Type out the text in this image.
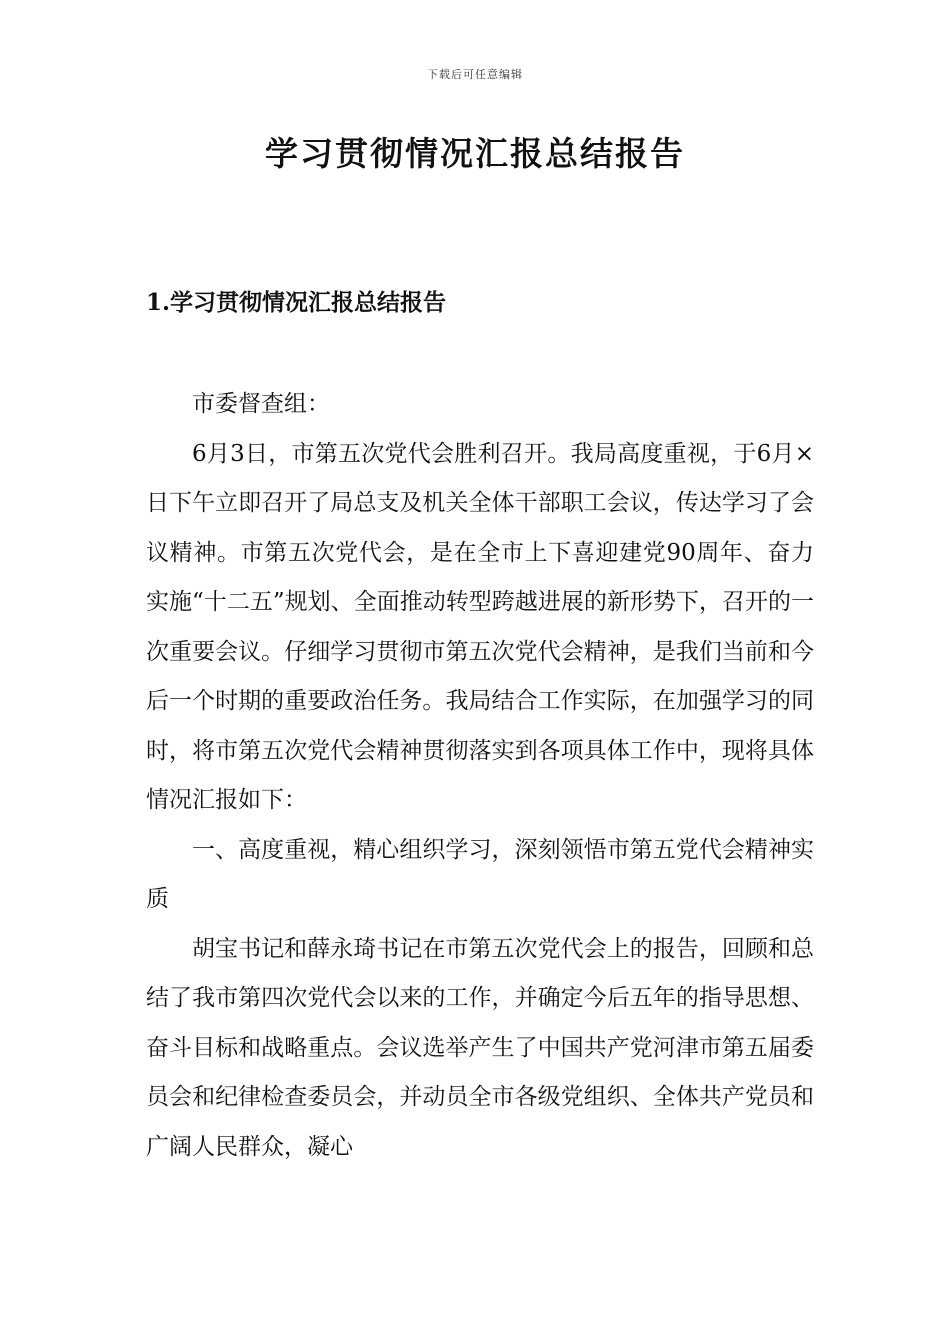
下载后可任意编辑
学习贯彻情况汇报总结报告
1.学习贯彻情况汇报总结报告

市委督查组：

6月3日，市第五次党代会胜利召开。我局高度重视，于6月×日下午立即召开了局总支及机关全体干部职工会议，传达学习了会议精神。市第五次党代会，是在全市上下喜迎建党90周年、奋力实施“十二五”规划、全面推动转型跨越进展的新形势下，召开的一次重要会议。仔细学习贯彻市第五次党代会精神，是我们当前和今后一个时期的重要政治任务。我局结合工作实际，在加强学习的同时，将市第五次党代会精神贯彻落实到各项具体工作中，现将具体情况汇报如下：

一、高度重视，精心组织学习，深刻领悟市第五党代会精神实质

胡宝书记和薛永琦书记在市第五次党代会上的报告，回顾和总结了我市第四次党代会以来的工作，并确定今后五年的指导思想、奋斗目标和战略重点。会议选举产生了中国共产党河津市第五届委员会和纪律检查委员会，并动员全市各级党组织、全体共产党员和广阔人民群众，凝心
